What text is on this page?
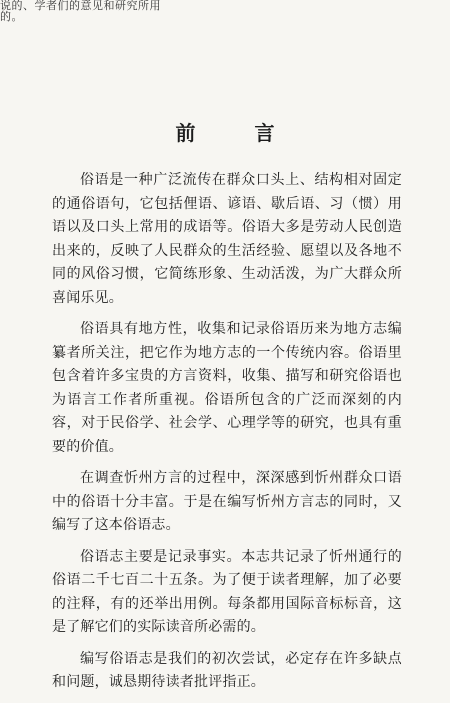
说的、学者们的意见和研究所用的。
前 言

俗语是一种广泛流传在群众口头上、结构相对固定的通俗语句，它包括俚语、谚语、歇后语、习（惯）用语以及口头上常用的成语等。俗语大多是劳动人民创造出来的，反映了人民群众的生活经验、愿望以及各地不同的风俗习惯，它简练形象、生动活泼，为广大群众所喜闻乐见。

俗语具有地方性，收集和记录俗语历来为地方志编纂者所关注，把它作为地方志的一个传统内容。俗语里包含着许多宝贵的方言资料，收集、描写和研究俗语也为语言工作者所重视。俗语所包含的广泛而深刻的内容，对于民俗学、社会学、心理学等的研究，也具有重要的价值。

在调查忻州方言的过程中，深深感到忻州群众口语中的俗语十分丰富。于是在编写忻州方言志的同时，又编写了这本俗语志。

俗语志主要是记录事实。本志共记录了忻州通行的俗语二千七百二十五条。为了便于读者理解，加了必要的注释，有的还举出用例。每条都用国际音标标音，这是了解它们的实际读音所必需的。

编写俗语志是我们的初次尝试，必定存在许多缺点和问题，诚恳期待读者批评指正。
